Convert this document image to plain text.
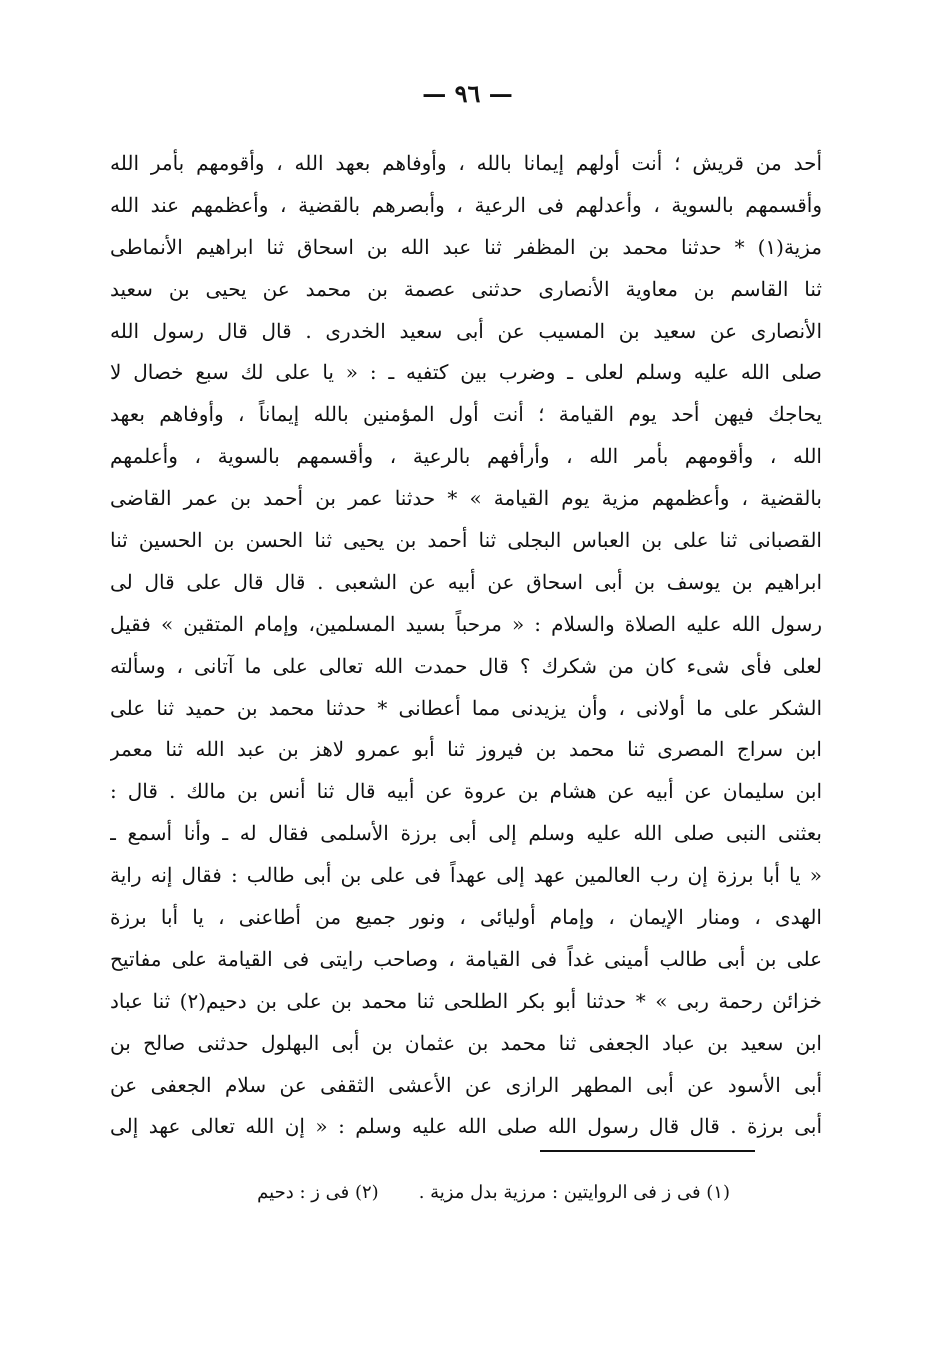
— ٩٦ —
أحد من قريش ؛ أنت أولهم إيمانا بالله ، وأوفاهم بعهد الله ، وأقومهم بأمر الله
وأقسمهم بالسوية ، وأعدلهم فى الرعية ، وأبصرهم بالقضية ، وأعظمهم عند الله
مزية(١) * حدثنا محمد بن المظفر ثنا عبد الله بن اسحاق ثنا ابراهيم الأنماطى
ثنا القاسم بن معاوية الأنصارى حدثنى عصمة بن محمد عن يحيى بن سعيد
الأنصارى عن سعيد بن المسيب عن أبى سعيد الخدرى . قال قال رسول الله
صلى الله عليه وسلم لعلى ـ وضرب بين كتفيه ـ : « يا على لك سبع خصال لا
يحاجك فيهن أحد يوم القيامة ؛ أنت أول المؤمنين بالله إيماناً ، وأوفاهم بعهد
الله ، وأقومهم بأمر الله ، وأرأفهم بالرعية ، وأقسمهم بالسوية ، وأعلمهم
بالقضية ، وأعظمهم مزية يوم القيامة » * حدثنا عمر بن أحمد بن عمر القاضى
القصبانى ثنا على بن العباس البجلى ثنا أحمد بن يحيى ثنا الحسن بن الحسين ثنا
ابراهيم بن يوسف بن أبى اسحاق عن أبيه عن الشعبى . قال قال على قال لى
رسول الله عليه الصلاة والسلام : « مرحباً بسيد المسلمين، وإمام المتقين » فقيل
لعلى فأى شىء كان من شكرك ؟ قال حمدت الله تعالى على ما آتانى ، وسألته
الشكر على ما أولانى ، وأن يزيدنى مما أعطانى * حدثنا محمد بن حميد ثنا على
ابن سراج المصرى ثنا محمد بن فيروز ثنا أبو عمرو لاهز بن عبد الله ثنا معمر
ابن سليمان عن أبيه عن هشام بن عروة عن أبيه قال ثنا أنس بن مالك . قال :
بعثنى النبى صلى الله عليه وسلم إلى أبى برزة الأسلمى فقال له ـ وأنا أسمع ـ
« يا أبا برزة إن رب العالمين عهد إلى عهداً فى على بن أبى طالب : فقال إنه راية
الهدى ، ومنار الإيمان ، وإمام أوليائى ، ونور جميع من أطاعنى ، يا أبا برزة
على بن أبى طالب أمينى غداً فى القيامة ، وصاحب رايتى فى القيامة على مفاتيح
خزائن رحمة ربى » * حدثنا أبو بكر الطلحى ثنا محمد بن على بن دحيم(٢) ثنا عباد
ابن سعيد بن عباد الجعفى ثنا محمد بن عثمان بن أبى البهلول حدثنى صالح بن
أبى الأسود عن أبى المطهر الرازى عن الأعشى الثقفى عن سلام الجعفى عن
أبى برزة . قال قال رسول الله صلى الله عليه وسلم : « إن الله تعالى عهد إلى
(١) فى ز فى الروايتين : مرزية بدل مزية .(٢) فى ز : دحيم
